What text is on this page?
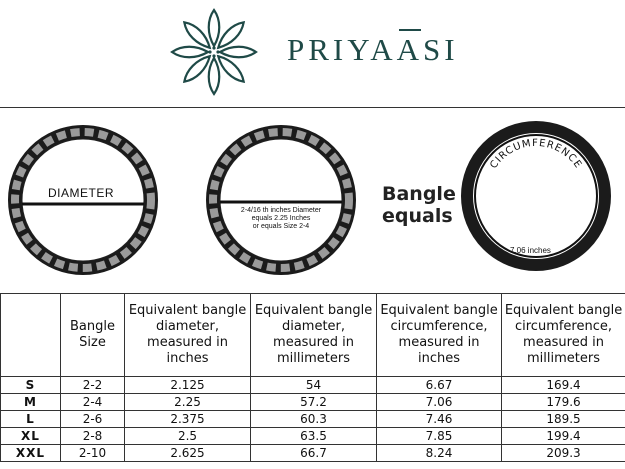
PRIYAASI
DIAMETER
2-4/16 th inches Diameter
equals 2.25 Inches
or equals Size 2-4
Bangle
equals
CIRCUMFERENCE
7.06 inches
	Bangle Size	Equivalent bangle diameter, measured in inches	Equivalent bangle diameter, measured in millimeters	Equivalent bangle circumference, measured in inches	Equivalent bangle circumference, measured in millimeters
S	2-2	2.125	54	6.67	169.4
M	2-4	2.25	57.2	7.06	179.6
L	2-6	2.375	60.3	7.46	189.5
XL	2-8	2.5	63.5	7.85	199.4
XXL	2-10	2.625	66.7	8.24	209.3
